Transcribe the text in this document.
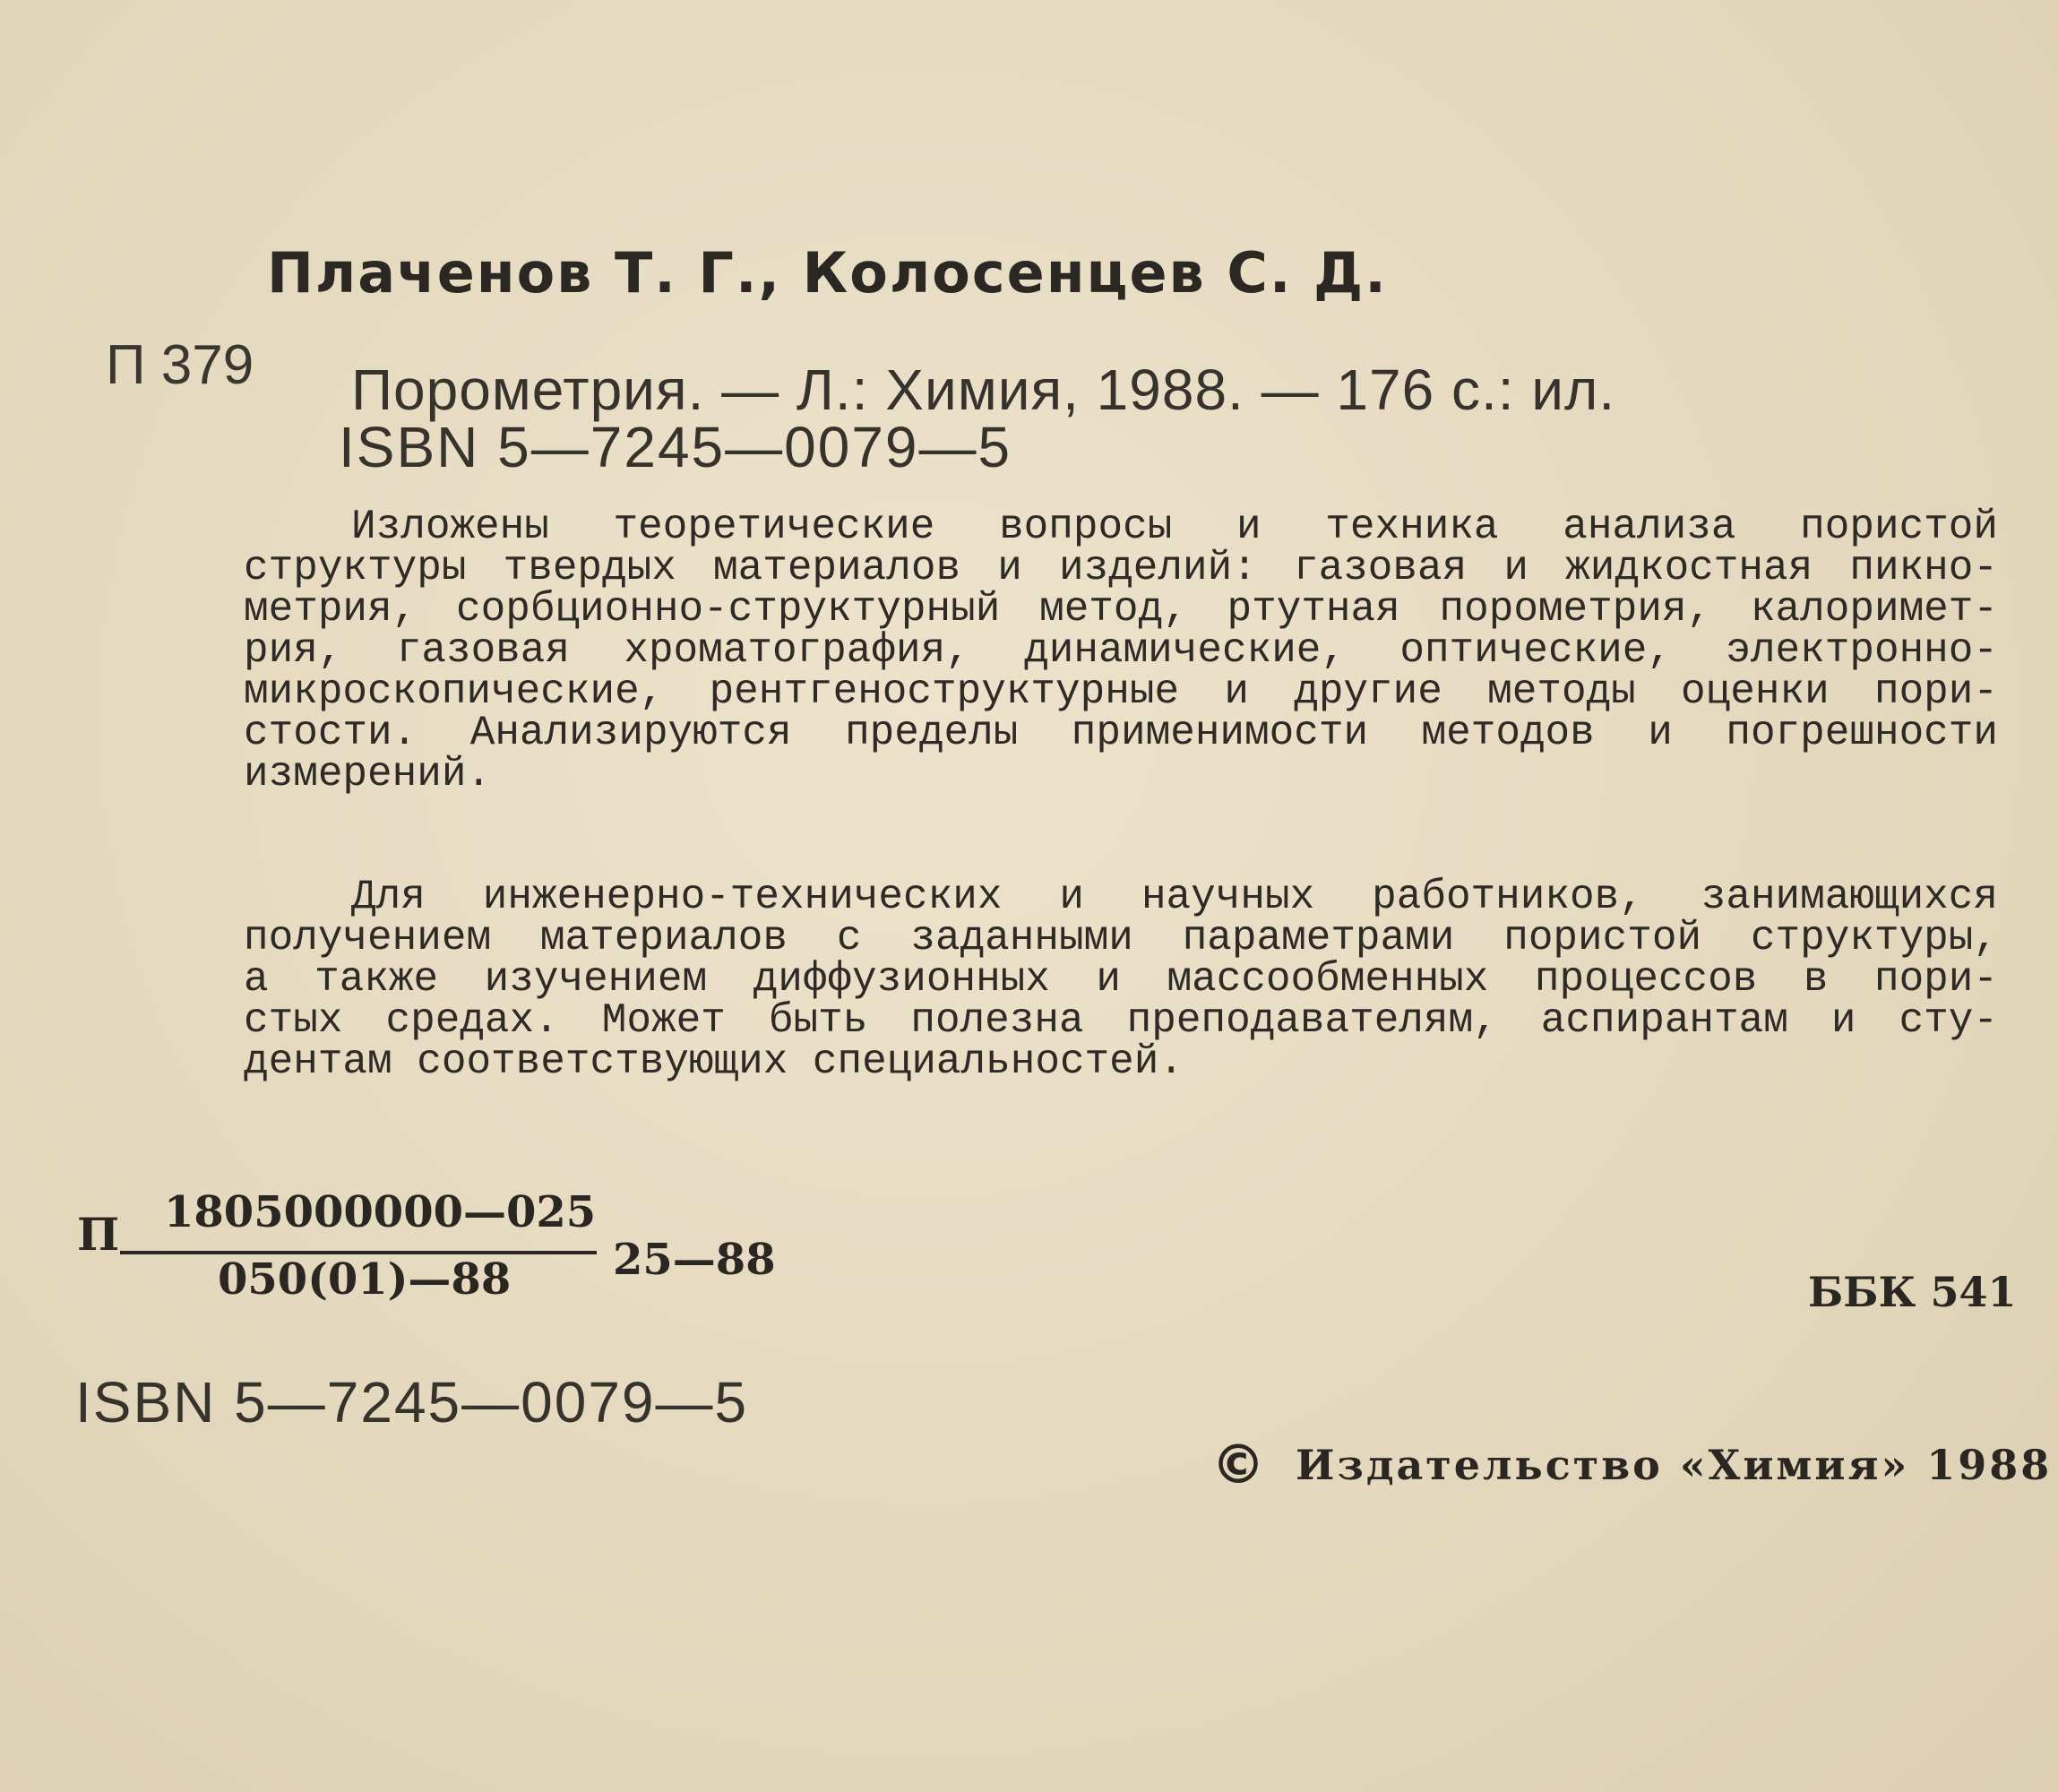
Плаченов Т. Г., Колосенцев С. Д.
П 379 Порометрия. — Л.: Химия, 1988. — 176 с.: ил.
ISBN 5—7245—0079—5
Изложены теоретические вопросы и техника анализа пористой
структуры твердых материалов и изделий: газовая и жидкостная пикно-
метрия, сорбционно-структурный метод, ртутная порометрия, калоримет-
рия, газовая хроматография, динамические, оптические, электронно-
микроскопические, рентгеноструктурные и другие методы оценки пори-
стости. Анализируются пределы применимости методов и погрешности
измерений.
Для инженерно-технических и научных работников, занимающихся
получением материалов с заданными параметрами пористой структуры,
а также изучением диффузионных и массообменных процессов в пори-
стых средах. Может быть полезна преподавателям, аспирантам и сту-
дентам соответствующих специальностей.
П 1805000000—025
050(01)—88 25—88
ББК 541
ISBN 5—7245—0079—5
© Издательство «Химия» 1988
